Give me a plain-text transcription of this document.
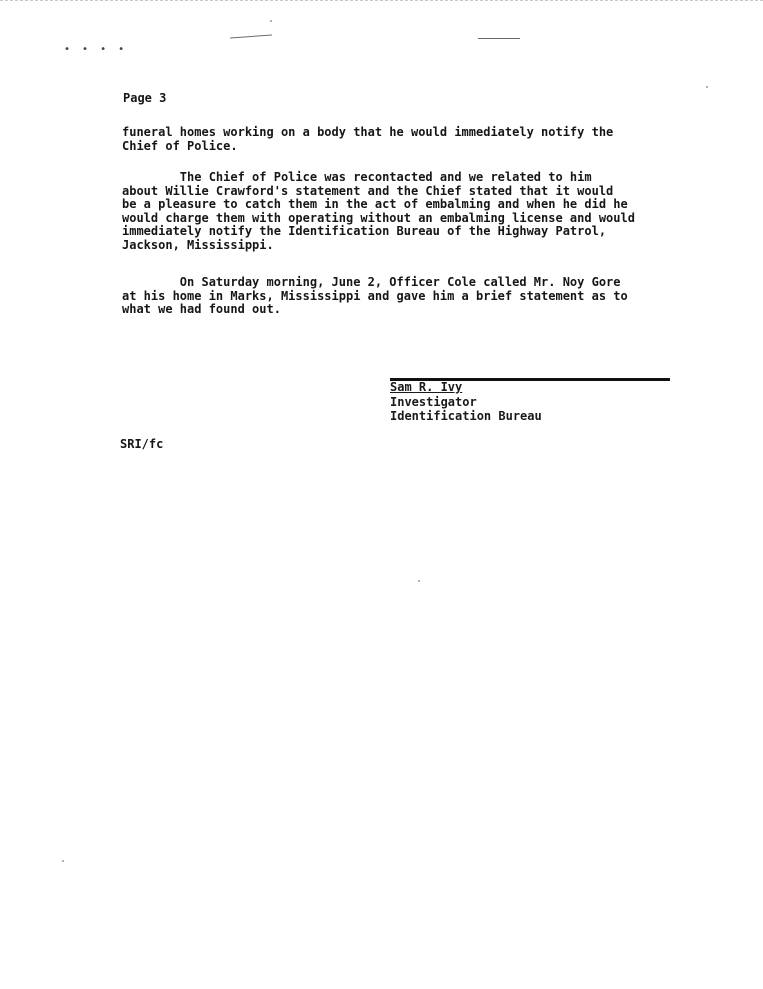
• • • •
Page 3
funeral homes working on a body that he would immediately notify the
Chief of Police.
The Chief of Police was recontacted and we related to him
about Willie Crawford's statement and the Chief stated that it would
be a pleasure to catch them in the act of embalming and when he did he
would charge them with operating without an embalming license and would
immediately notify the Identification Bureau of the Highway Patrol,
Jackson, Mississippi.
On Saturday morning, June 2, Officer Cole called Mr. Noy Gore
at his home in Marks, Mississippi and gave him a brief statement as to
what we had found out.
Sam R. Ivy
Investigator
Identification Bureau
SRI/fc
